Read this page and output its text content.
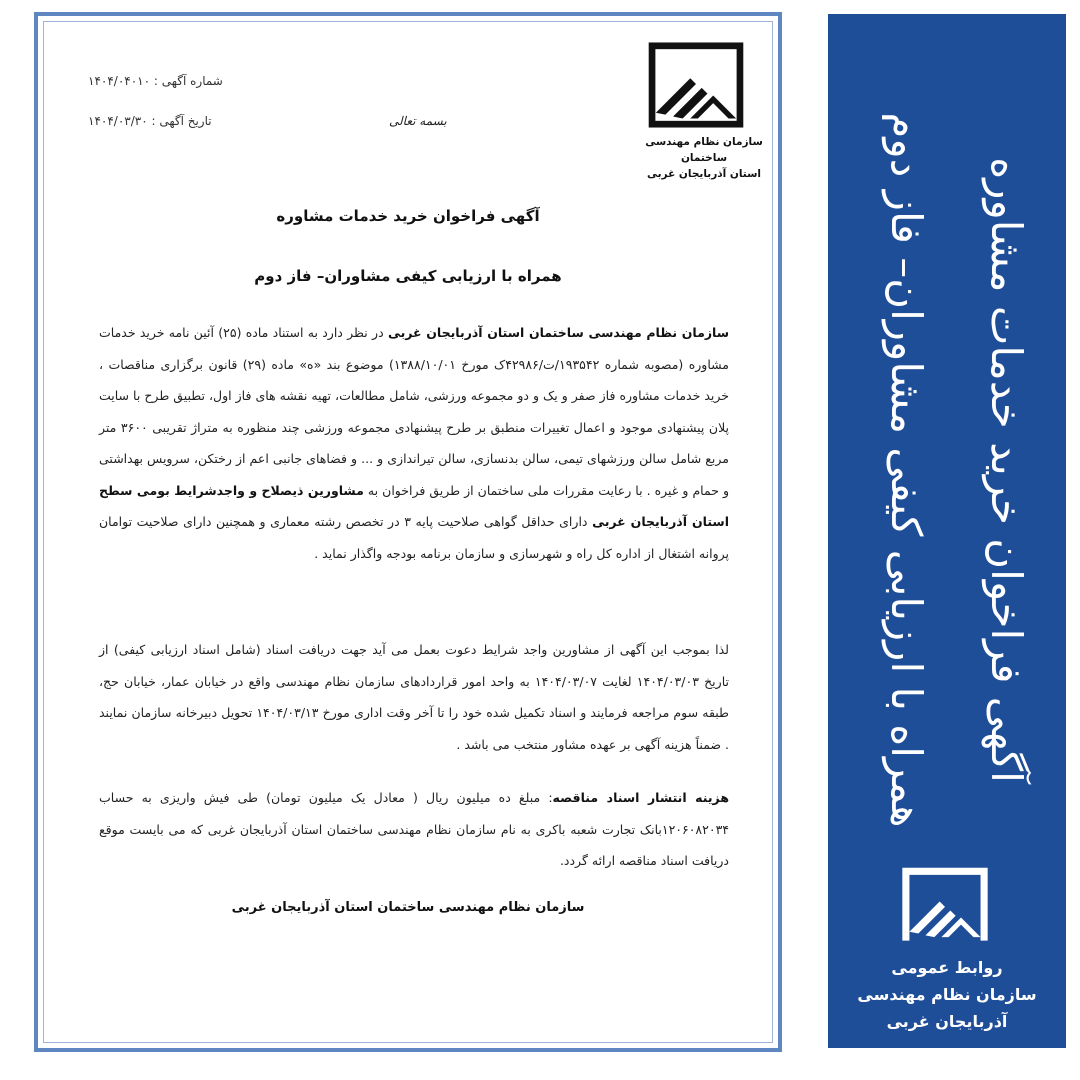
شماره آگهی : ۱۴۰۴/۰۴۰۱۰
تاریخ آگهی : ۱۴۰۴/۰۳/۳۰	بسمه تعالی
سازمان نظام مهندسی ساختمان
استان آذربایجان غربی
آگهی فراخوان خرید خدمات مشاوره
همراه با ارزیابی کیفی مشاوران– فاز دوم
سازمان نظام مهندسی ساختمان استان آذربایجان غربی در نظر دارد به استناد ماده (۲۵) آئین نامه خرید خدمات مشاوره (مصوبه شماره ۱۹۳۵۴۲/ت/۴۲۹۸۶ک مورخ ۱۳۸۸/۱۰/۰۱) موضوع بند «ه» ماده (۲۹) قانون برگزاری مناقصات ، خرید خدمات مشاوره فاز صفر و یک و دو مجموعه ورزشی، شامل مطالعات، تهیه نقشه های فاز اول، تطبیق طرح با سایت پلان پیشنهادی موجود و اعمال تغییرات منطبق بر طرح پیشنهادی مجموعه ورزشی چند منظوره به متراژ تقریبی ۳۶۰۰ متر مربع شامل سالن ورزشهای تیمی، سالن بدنسازی، سالن تیراندازی و ... و فضاهای جانبی اعم از رختکن، سرویس بهداشتی و حمام و غیره . با رعایت مقررات ملی ساختمان از طریق فراخوان به مشاورین ذیصلاح و واجدشرایط بومی سطح استان آذربایجان غربی دارای حداقل گواهی صلاحیت پایه ۳ در تخصص رشته معماری و همچنین دارای صلاحیت توامان پروانه اشتغال از اداره کل راه و شهرسازی و سازمان برنامه بودجه واگذار نماید .
لذا بموجب این آگهی از مشاورین واجد شرایط دعوت بعمل می آید جهت دریافت اسناد (شامل اسناد ارزیابی کیفی) از تاریخ ۱۴۰۴/۰۳/۰۳ لغایت ۱۴۰۴/۰۳/۰۷ به واحد امور قراردادهای سازمان نظام مهندسی واقع در خیابان عمار، خیابان حج، طبقه سوم مراجعه فرمایند و اسناد تکمیل شده خود را تا آخر وقت اداری مورخ ۱۴۰۴/۰۳/۱۳ تحویل دبیرخانه سازمان نمایند . ضمناً هزینه آگهی بر عهده مشاور منتخب می باشد .
هزینه انتشار اسناد مناقصه: مبلغ ده میلیون ریال ( معادل یک میلیون تومان) طی فیش واریزی به حساب ۱۲۰۶۰۸۲۰۳۴بانک تجارت شعبه باکری به نام سازمان نظام مهندسی ساختمان استان آذربایجان غربی که می بایست موقع دریافت اسناد مناقصه ارائه گردد.
سازمان نظام مهندسی ساختمان استان آذربایجان غربی
آگهی فراخوان خرید خدمات مشاوره
همراه با ارزیابی کیفی مشاوران– فاز دوم
روابط عمومی
سازمان نظام مهندسی
آذربایجان غربی
